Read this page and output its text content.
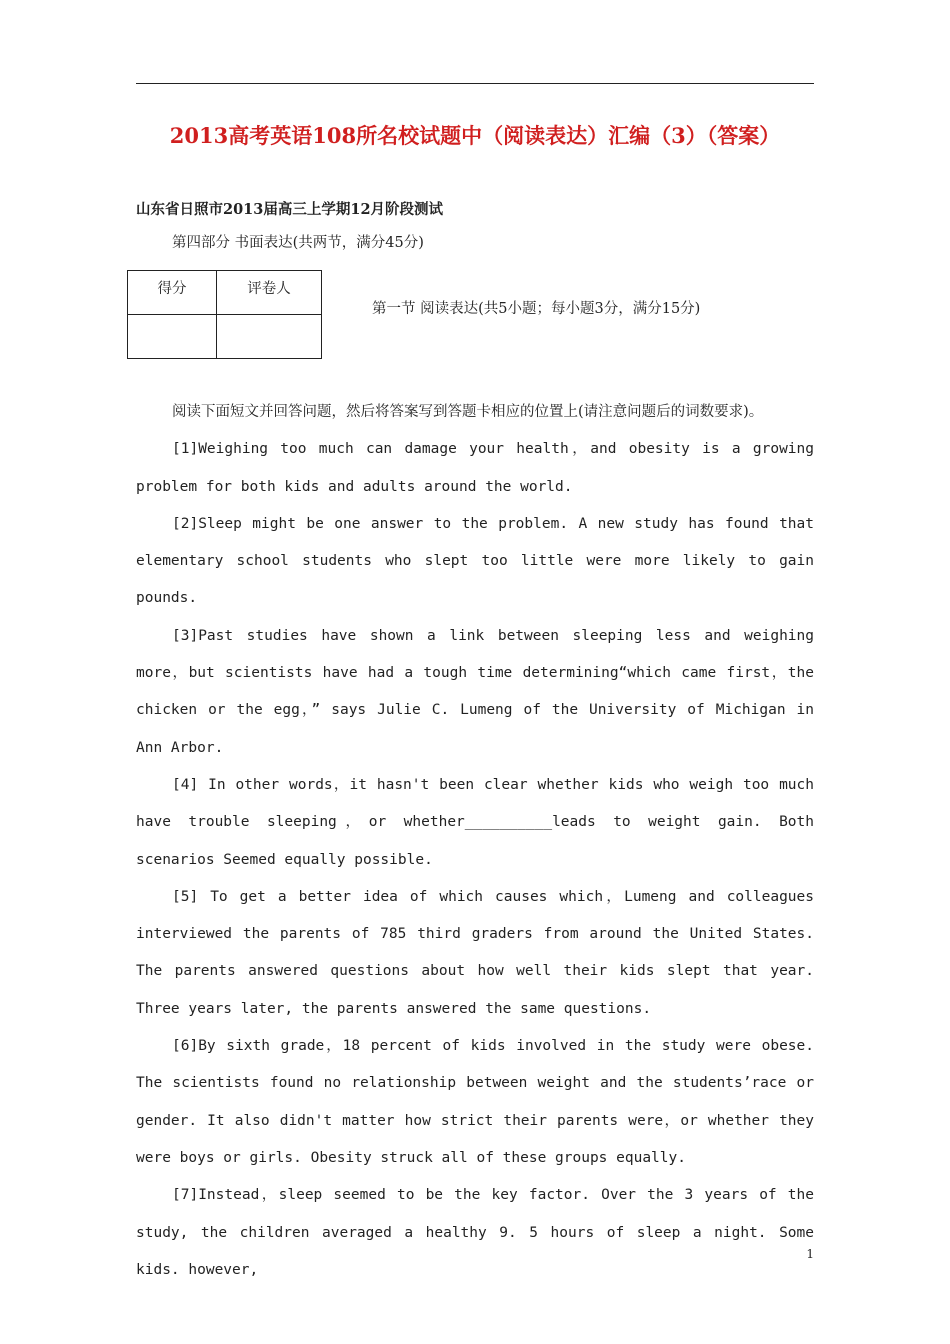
2013高考英语108所名校试题中（阅读表达）汇编（3）（答案）
山东省日照市2013届高三上学期12月阶段测试
第四部分 书面表达(共两节，满分45分)
得分	评卷人

第一节 阅读表达(共5小题；每小题3分，满分15分)

阅读下面短文并回答问题，然后将答案写到答题卡相应的位置上(请注意问题后的词数要求)。

[1]Weighing too much can damage your health，and obesity is a growing problem for both kids and adults around the world.

[2]Sleep might be one answer to the problem. A new study has found that elementary school students who slept too little were more likely to gain pounds.

[3]Past studies have shown a link between sleeping less and weighing more，but scientists have had a tough time determining“which came first，the chicken or the egg，” says Julie C. Lumeng of the University of Michigan in Ann Arbor.

[4] In other words，it hasn't been clear whether kids who weigh too much have trouble sleeping，or whether__________leads to weight gain. Both scenarios Seemed equally possible.

[5] To get a better idea of which causes which，Lumeng and colleagues interviewed the parents of 785 third graders from around the United States. The parents answered questions about how well their kids slept that year. Three years later, the parents answered the same questions.

[6]By sixth grade，18 percent of kids involved in the study were obese. The scientists found no relationship between weight and the students’race or gender. It also didn't matter how strict their parents were，or whether they were boys or girls. Obesity struck all of these groups equally.

[7]Instead，sleep seemed to be the key factor. Over the 3 years of the study, the children averaged a healthy 9. 5 hours of sleep a night. Some kids. however,

1
